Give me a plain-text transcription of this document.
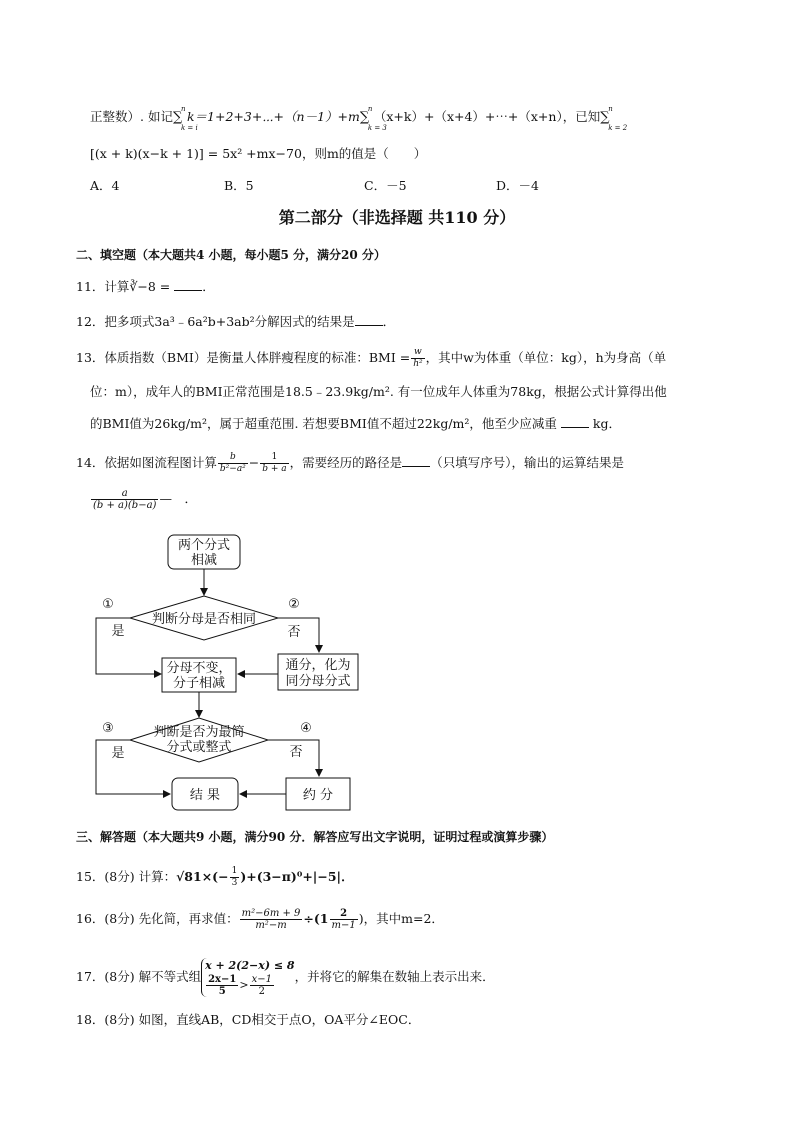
正整数）. 如记∑
n
k = i
k＝1+2+3+⋯+（n－1）+m∑
n
k = 3
（x+k）+（x+4）+⋯+（x+n），已知∑
n
k = 2
[(x + k)(x−k + 1)] = 5x² +mx−70，则m的值是（　　）
A．4	B．5	C．－5	D．－4
第二部分（非选择题 共110 分）
二、填空题（本大题共4 小题，每小题5 分，满分20 分）
11．计算∛−8 = ．
12．把多项式3a³﹣6a²b+3ab²分解因式的结果是 ．
13．体质指数（BMI）是衡量人体胖瘦程度的标准：BMI = $\frac{w}{\text{h²}}$ ，其中w为体重（单位：kg），h为身高（单
位：m），成年人的BMI正常范围是18.5﹣23.9kg/m². 有一位成年人体重为78kg，根据公式计算得出他
的BMI值为26kg/m²，属于超重范围. 若想要BMI值不超过22kg/m²，他至少应减重	kg．
14．依据如图流程图计算 $\frac{b}{\text{b²−a²}} - \frac{1}{b + a}$ ，需要经历的路径是 （只填写序号），输出的运算结果是
$\frac{a}{(b + a)(b-a)}$ —　．
两个分式
相减
判断分母是否相同
①	②
是	否
分母不变，
分子相减
通分，化为
同分母分式
判断是否为最简
分式或整式
③	④
是	否
结 果	约 分
三、解答题（本大题共9 小题，满分90 分．解答应写出文字说明，证明过程或演算步骤）
15．(8分) 计算：$√81\times(- \frac{1}{3} )+(3-\pi)^0+|-5|$．
16．(8分) 先化简，再求值： $\frac{\text{m²−6m + 9}}{\text{m²−m}} \div(1 \frac{2}{m-1}$ )，其中m=2．
17．(8分) 解不等式组
x + 2(2−x) ≤ 8
$\frac{2x-1}{5} > \frac{x-1}{2}$ ，并将它的解集在数轴上表示出来．
18．(8分) 如图，直线AB，CD相交于点O，OA平分∠EOC．
